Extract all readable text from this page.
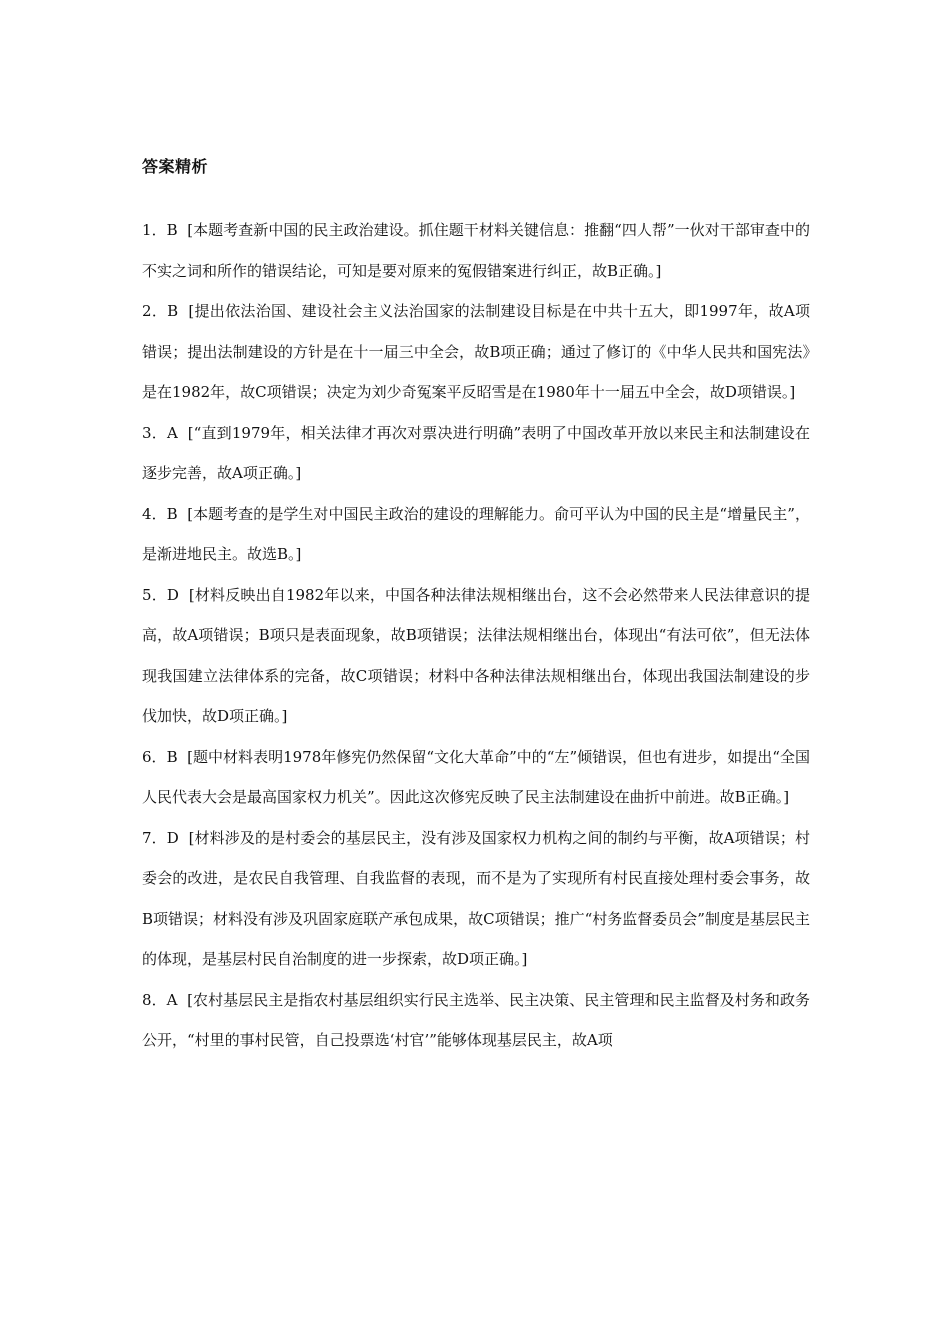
答案精析

1．B [本题考查新中国的民主政治建设。抓住题干材料关键信息：推翻“四人帮”一伙对干部审查中的不实之词和所作的错误结论，可知是要对原来的冤假错案进行纠正，故B正确。]

2．B [提出依法治国、建设社会主义法治国家的法制建设目标是在中共十五大，即1997年，故A项错误；提出法制建设的方针是在十一届三中全会，故B项正确；通过了修订的《中华人民共和国宪法》是在1982年，故C项错误；决定为刘少奇冤案平反昭雪是在1980年十一届五中全会，故D项错误。]

3．A [“直到1979年，相关法律才再次对票决进行明确”表明了中国改革开放以来民主和法制建设在逐步完善，故A项正确。]

4．B [本题考查的是学生对中国民主政治的建设的理解能力。俞可平认为中国的民主是“增量民主”，是渐进地民主。故选B。]

5．D [材料反映出自1982年以来，中国各种法律法规相继出台，这不会必然带来人民法律意识的提高，故A项错误；B项只是表面现象，故B项错误；法律法规相继出台，体现出“有法可依”，但无法体现我国建立法律体系的完备，故C项错误；材料中各种法律法规相继出台，体现出我国法制建设的步伐加快，故D项正确。]

6．B [题中材料表明1978年修宪仍然保留“文化大革命”中的“左”倾错误，但也有进步，如提出“全国人民代表大会是最高国家权力机关”。因此这次修宪反映了民主法制建设在曲折中前进。故B正确。]

7．D [材料涉及的是村委会的基层民主，没有涉及国家权力机构之间的制约与平衡，故A项错误；村委会的改进，是农民自我管理、自我监督的表现，而不是为了实现所有村民直接处理村委会事务，故B项错误；材料没有涉及巩固家庭联产承包成果，故C项错误；推广“村务监督委员会”制度是基层民主的体现，是基层村民自治制度的进一步探索，故D项正确。]

8．A [农村基层民主是指农村基层组织实行民主选举、民主决策、民主管理和民主监督及村务和政务公开，“村里的事村民管，自己投票选‘村官’”能够体现基层民主，故A项
